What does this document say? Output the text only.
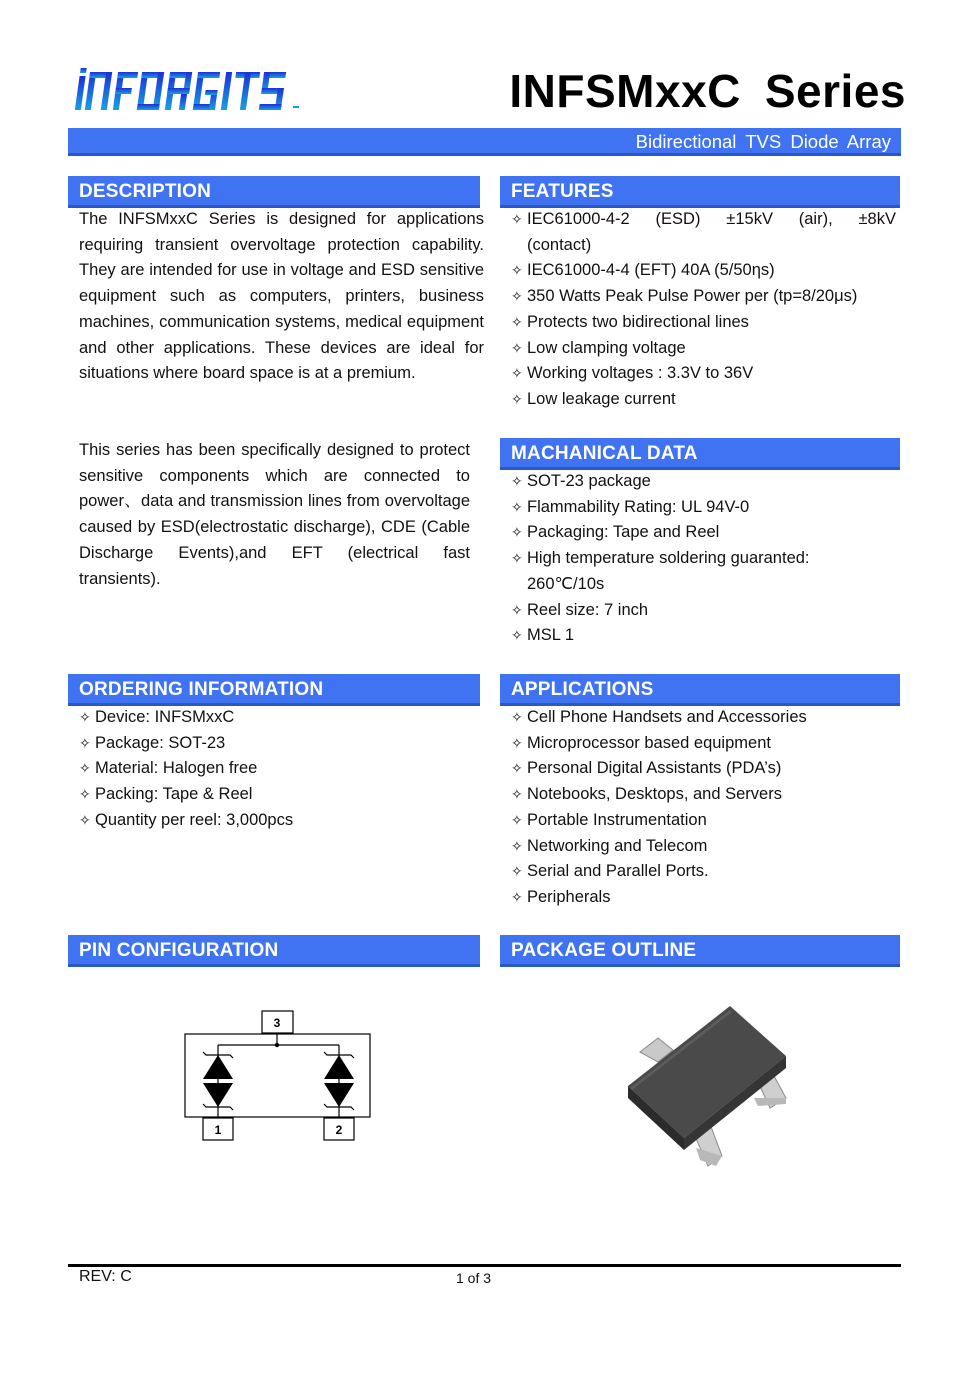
INFSMxxC Series
Bidirectional TVS Diode Array
DESCRIPTION

The INFSMxxC Series is designed for applications requiring transient overvoltage protection capability. They are intended for use in voltage and ESD sensitive equipment such as computers, printers, business machines, communication systems, medical equipment and other applications. These devices are ideal for situations where board space is at a premium.

This series has been specifically designed to protect sensitive components which are connected to power、data and transmission lines from overvoltage caused by ESD(electrostatic discharge), CDE (Cable Discharge Events),and EFT (electrical fast transients).

FEATURES
✧ IEC61000-4-2 (ESD) ±15kV (air), ±8kV
(contact)
✧ IEC61000-4-4 (EFT) 40A (5/50ηs)
✧ 350 Watts Peak Pulse Power per (tp=8/20μs)
✧ Protects two bidirectional lines
✧ Low clamping voltage
✧ Working voltages : 3.3V to 36V
✧ Low leakage current
MACHANICAL DATA
✧ SOT-23 package
✧ Flammability Rating: UL 94V-0
✧ Packaging: Tape and Reel
✧ High temperature soldering guaranted:
260℃/10s
✧ Reel size: 7 inch
✧ MSL 1
ORDERING INFORMATION
✧ Device: INFSMxxC
✧ Package: SOT-23
✧ Material: Halogen free
✧ Packing: Tape & Reel
✧ Quantity per reel: 3,000pcs
APPLICATIONS
✧ Cell Phone Handsets and Accessories
✧ Microprocessor based equipment
✧ Personal Digital Assistants (PDA’s)
✧ Notebooks, Desktops, and Servers
✧ Portable Instrumentation
✧ Networking and Telecom
✧ Serial and Parallel Ports.
✧ Peripherals
PIN CONFIGURATION
3
1	2
PACKAGE OUTLINE
REV: C	1 of 3
